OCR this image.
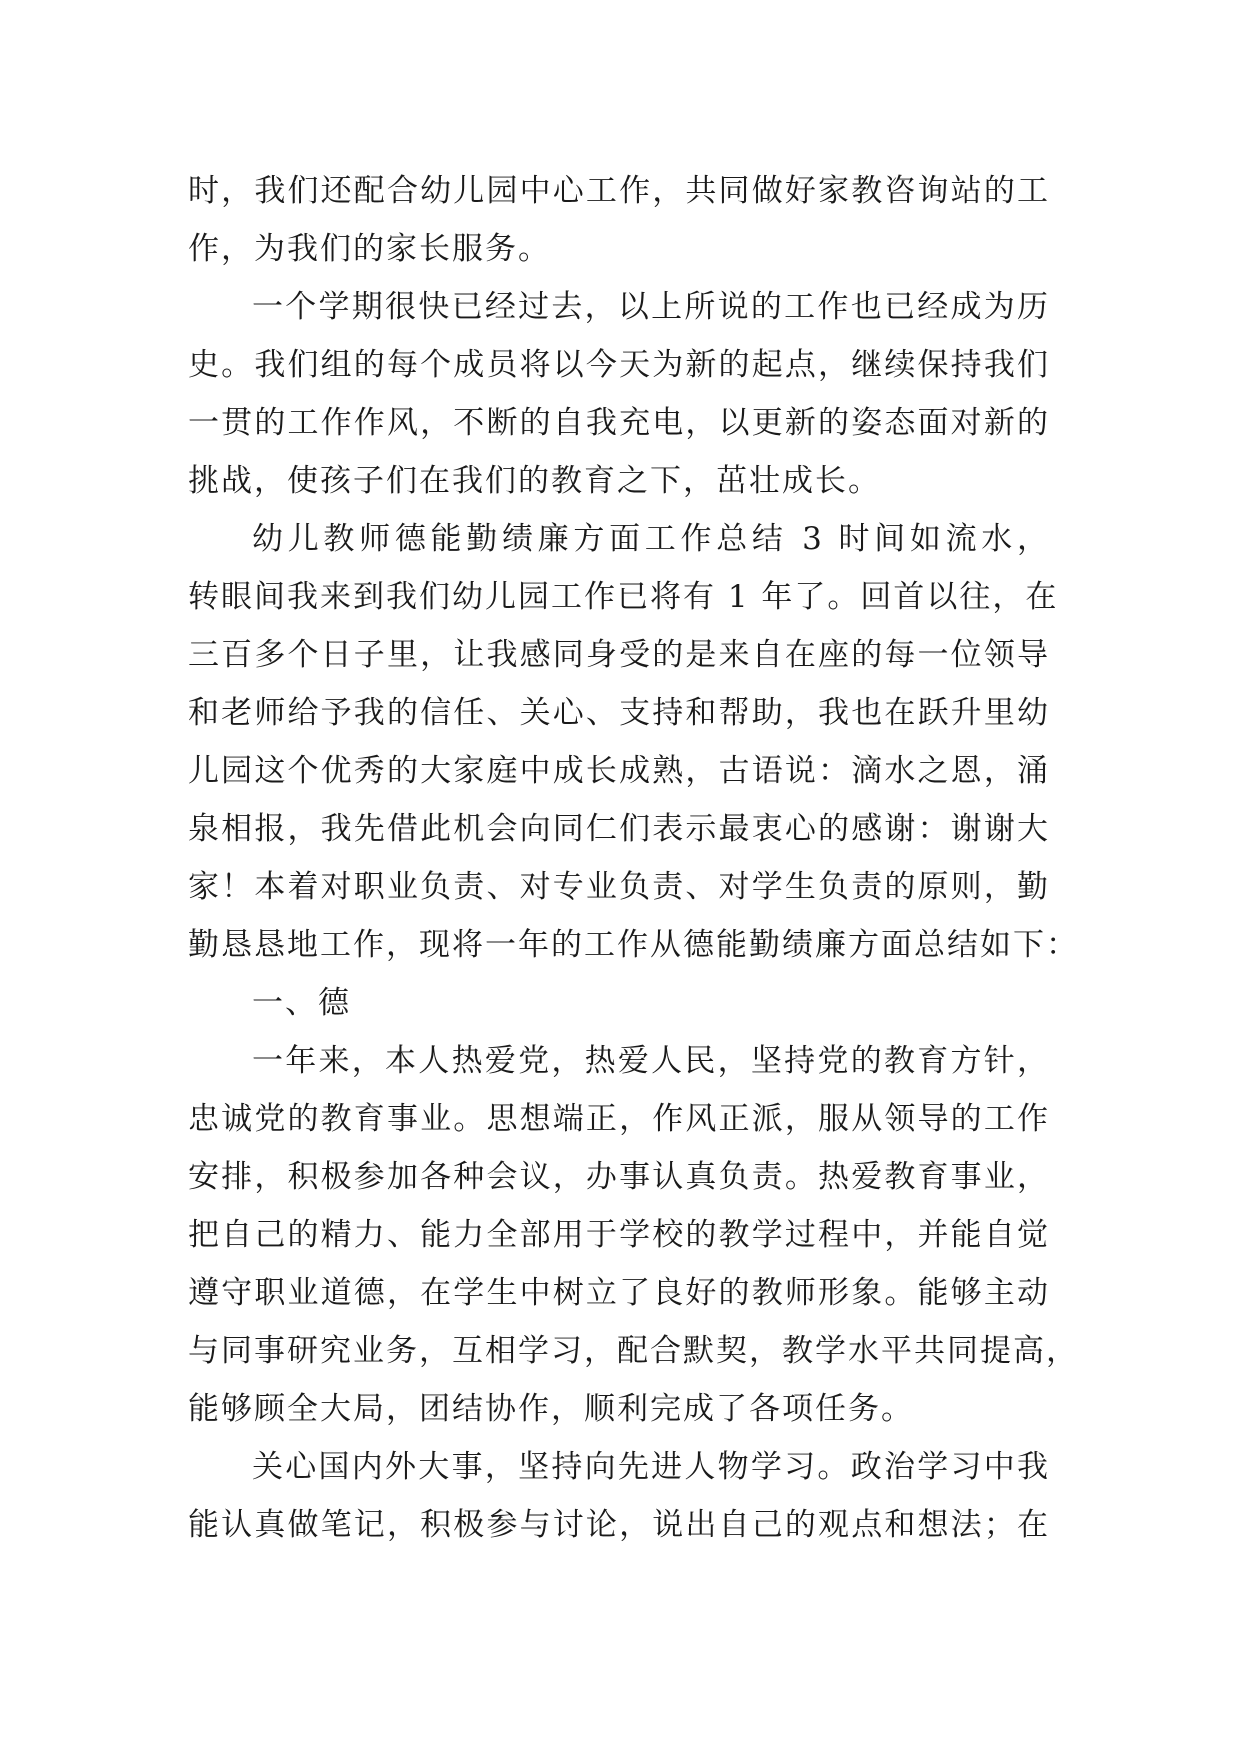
时，我们还配合幼儿园中心工作，共同做好家教咨询站的工
作，为我们的家长服务。
一个学期很快已经过去，以上所说的工作也已经成为历
史。我们组的每个成员将以今天为新的起点，继续保持我们
一贯的工作作风，不断的自我充电，以更新的姿态面对新的
挑战，使孩子们在我们的教育之下，茁壮成长。
幼儿教师德能勤绩廉方面工作总结 3 时间如流水，
转眼间我来到我们幼儿园工作已将有 1 年了。回首以往，在
三百多个日子里，让我感同身受的是来自在座的每一位领导
和老师给予我的信任、关心、支持和帮助，我也在跃升里幼
儿园这个优秀的大家庭中成长成熟，古语说：滴水之恩，涌
泉相报，我先借此机会向同仁们表示最衷心的感谢：谢谢大
家！本着对职业负责、对专业负责、对学生负责的原则，勤
勤恳恳地工作，现将一年的工作从德能勤绩廉方面总结如下：
一、德
一年来，本人热爱党，热爱人民，坚持党的教育方针，
忠诚党的教育事业。思想端正，作风正派，服从领导的工作
安排，积极参加各种会议，办事认真负责。热爱教育事业，
把自己的精力、能力全部用于学校的教学过程中，并能自觉
遵守职业道德，在学生中树立了良好的教师形象。能够主动
与同事研究业务，互相学习，配合默契，教学水平共同提高，
能够顾全大局，团结协作，顺利完成了各项任务。
关心国内外大事，坚持向先进人物学习。政治学习中我
能认真做笔记，积极参与讨论，说出自己的观点和想法；在
